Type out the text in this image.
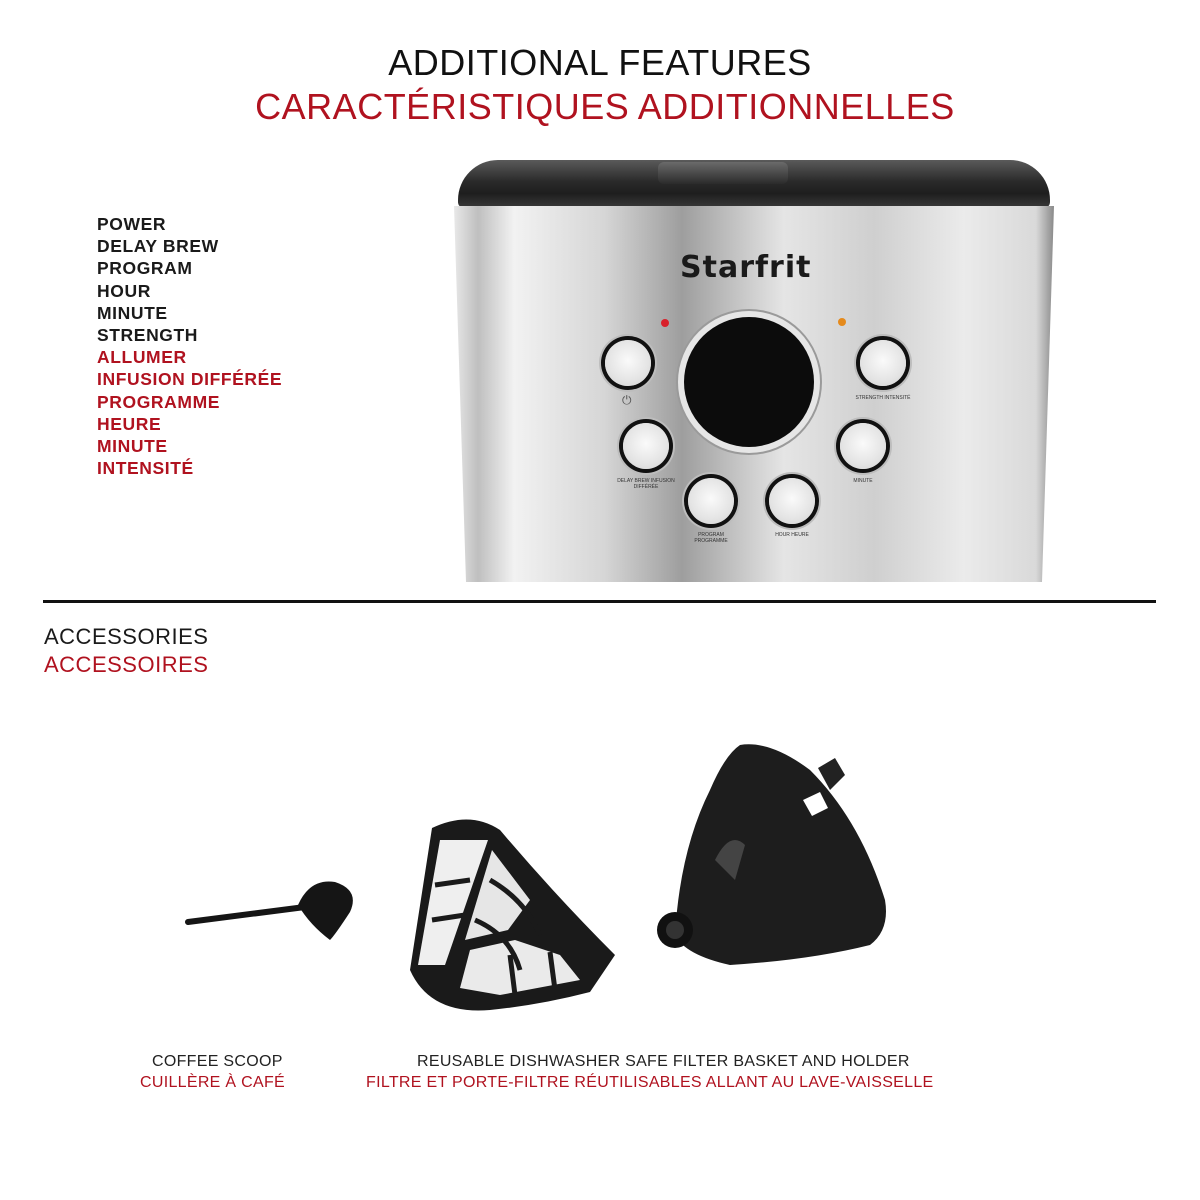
ADDITIONAL FEATURES
CARACTÉRISTIQUES ADDITIONNELLES
POWER
DELAY BREW
PROGRAM
HOUR
MINUTE
STRENGTH
ALLUMER
INFUSION DIFFÉRÉE
PROGRAMME
HEURE
MINUTE
INTENSITÉ
Starfrit
⏻	STRENGTH INTENSITÉ
DELAY BREW INFUSION DIFFÉRÉE
MINUTE
PROGRAM PROGRAMME
HOUR HEURE
ACCESSORIES
ACCESSOIRES
COFFEE SCOOP
CUILLÈRE À CAFÉ
REUSABLE DISHWASHER SAFE FILTER BASKET AND HOLDER
FILTRE ET PORTE-FILTRE RÉUTILISABLES ALLANT AU LAVE-VAISSELLE
